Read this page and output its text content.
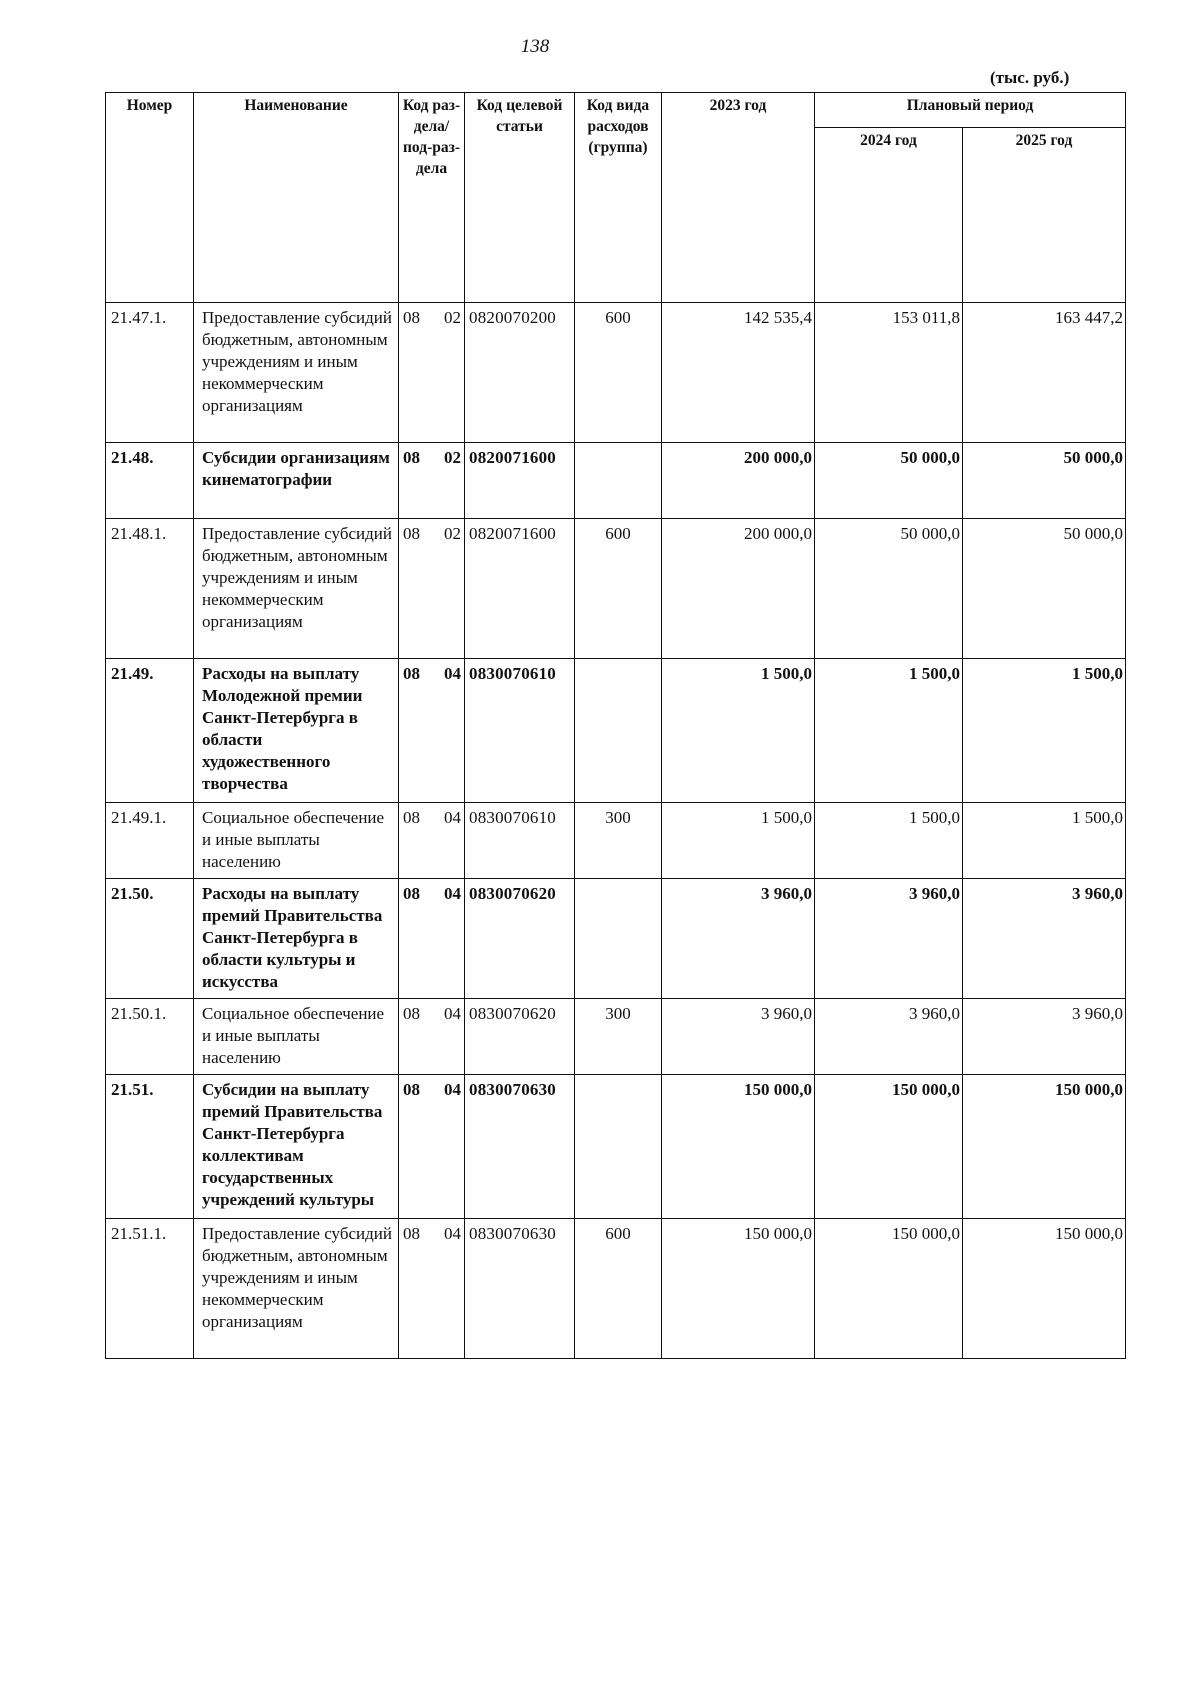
138
(тыс. руб.)
Номер	Наименование	Код раз-дела/ под-раз-дела	Код целевой статьи	Код вида расходов (группа)	2023 год	Плановый период	
						2024 год	2025 год
21.47.1.	Предоставление субсидий бюджетным, автономным учреждениям и иным некоммерческим организациям	08 02	0820070200	600	142 535,4	153 011,8	163 447,2
21.48.	Субсидии организациям кинематографии	08 02	0820071600		200 000,0	50 000,0	50 000,0
21.48.1.	Предоставление субсидий бюджетным, автономным учреждениям и иным некоммерческим организациям	08 02	0820071600	600	200 000,0	50 000,0	50 000,0
21.49.	Расходы на выплату Молодежной премии Санкт-Петербурга в области художественного творчества	08 04	0830070610		1 500,0	1 500,0	1 500,0
21.49.1.	Социальное обеспечение и иные выплаты населению	08 04	0830070610	300	1 500,0	1 500,0	1 500,0
21.50.	Расходы на выплату премий Правительства Санкт-Петербурга в области культуры и искусства	08 04	0830070620		3 960,0	3 960,0	3 960,0
21.50.1.	Социальное обеспечение и иные выплаты населению	08 04	0830070620	300	3 960,0	3 960,0	3 960,0
21.51.	Субсидии на выплату премий Правительства Санкт-Петербурга коллективам государственных учреждений культуры	08 04	0830070630		150 000,0	150 000,0	150 000,0
21.51.1.	Предоставление субсидий бюджетным, автономным учреждениям и иным некоммерческим организациям	08 04	0830070630	600	150 000,0	150 000,0	150 000,0
